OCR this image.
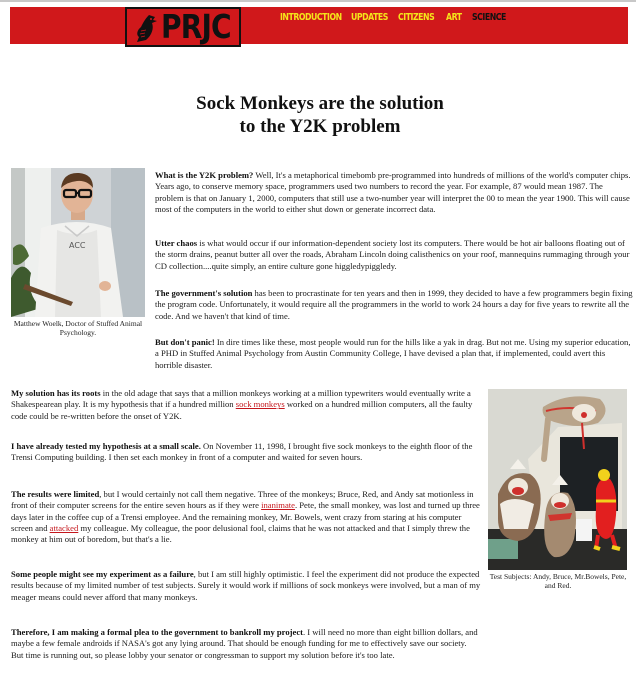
PRJC	INTRODUCTION UPDATES CITIZENS ART SCIENCE
Sock Monkeys are the solution
to the Y2K problem
ACC
Matthew Woelk, Doctor of Stuffed Animal Psychology.

What is the Y2K problem? Well, It's a metaphorical timebomb pre-programmed into hundreds of millions of the world's computer chips. Years ago, to conserve memory space, programmers used two numbers to record the year. For example, 87 would mean 1987. The problem is that on January 1, 2000, computers that still use a two-number year will interpret the 00 to mean the year 1900. This will cause most of the computers in the world to either shut down or generate incorrect data.

Utter chaos is what would occur if our information-dependent society lost its computers. There would be hot air balloons floating out of the storm drains, peanut butter all over the roads, Abraham Lincoln doing calisthenics on your roof, mannequins rummaging through your CD collection....quite simply, an entire culture gone higgledypiggledy.

The government's solution has been to procrastinate for ten years and then in 1999, they decided to have a few programmers begin fixing the program code. Unfortunately, it would require all the programmers in the world to work 24 hours a day for five years to rewrite all the code. And we haven't that kind of time.

But don't panic! In dire times like these, most people would run for the hills like a yak in drag. But not me. Using my superior education, a PHD in Stuffed Animal Psychology from Austin Community College, I have devised a plan that, if implemented, could avert this horrible disaster.

My solution has its roots in the old adage that says that a million monkeys working at a million typewriters would eventually write a Shakespearean play. It is my hypothesis that if a hundred million sock monkeys worked on a hundred million computers, all the faulty code could be re-written before the onset of Y2K.

I have already tested my hypothesis at a small scale. On November 11, 1998, I brought five sock monkeys to the eighth floor of the Trensi Computing building. I then set each monkey in front of a computer and waited for seven hours.

The results were limited, but I would certainly not call them negative. Three of the monkeys; Bruce, Red, and Andy sat motionless in front of their computer screens for the entire seven hours as if they were inanimate. Pete, the small monkey, was lost and turned up three days later in the coffee cup of a Trensi employee. And the remaining monkey, Mr. Bowels, went crazy from staring at his computer screen and attacked my colleague. My colleague, the poor delusional fool, claims that he was not attacked and that I simply threw the monkey at him out of boredom, but that's a lie.

Some people might see my experiment as a failure, but I am still highly optimistic. I feel the experiment did not produce the expected results because of my limited number of test subjects. Surely it would work if millions of sock monkeys were involved, but a man of my meager means could never afford that many monkeys.

Test Subjects: Andy, Bruce, Mr.Bowels, Pete, and Red.

Therefore, I am making a formal plea to the government to bankroll my project. I will need no more than eight billion dollars, and maybe a few female androids if NASA's got any lying around. That should be enough funding for me to effectively save our society. But time is running out, so please lobby your senator or congressman to support my solution before it's too late.
